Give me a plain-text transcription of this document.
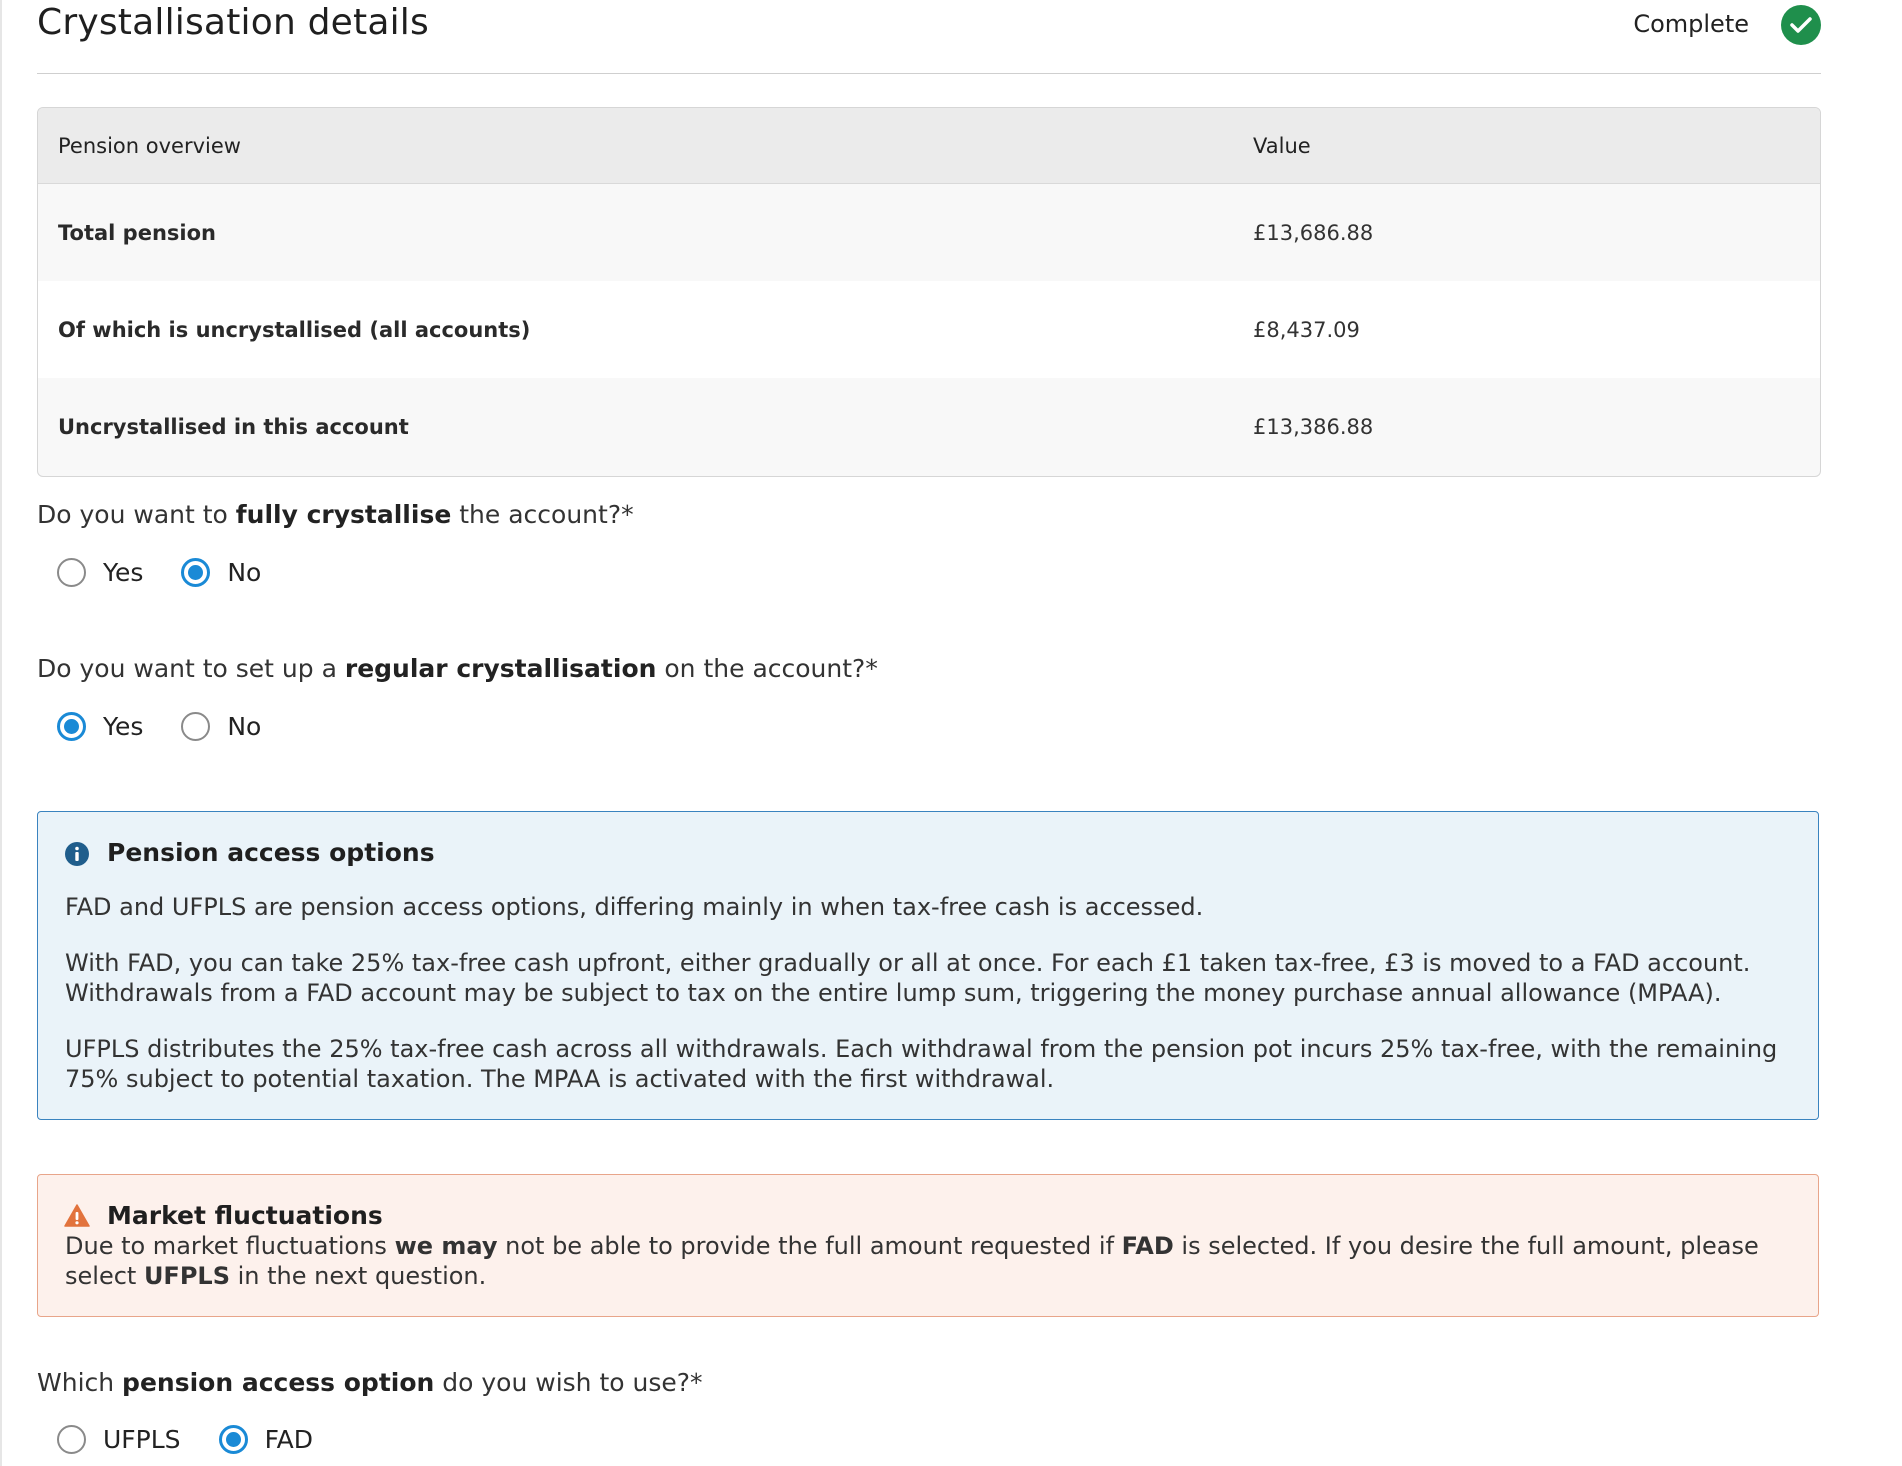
Crystallisation details	Complete
Pension overview	Value
Total pension	£13,686.88
Of which is uncrystallised (all accounts)	£8,437.09
Uncrystallised in this account	£13,386.88
Do you want to fully crystallise the account?*
Yes	No
Do you want to set up a regular crystallisation on the account?*
Yes	No
Pension access options
FAD and UFPLS are pension access options, differing mainly in when tax-free cash is accessed.
With FAD, you can take 25% tax-free cash upfront, either gradually or all at once. For each £1 taken tax-free, £3 is moved to a FAD account. Withdrawals from a FAD account may be subject to tax on the entire lump sum, triggering the money purchase annual allowance (MPAA).
UFPLS distributes the 25% tax-free cash across all withdrawals. Each withdrawal from the pension pot incurs 25% tax-free, with the remaining 75% subject to potential taxation. The MPAA is activated with the first withdrawal.
Market fluctuations
Due to market fluctuations we may not be able to provide the full amount requested if FAD is selected. If you desire the full amount, please select UFPLS in the next question.
Which pension access option do you wish to use?*
UFPLS	FAD
